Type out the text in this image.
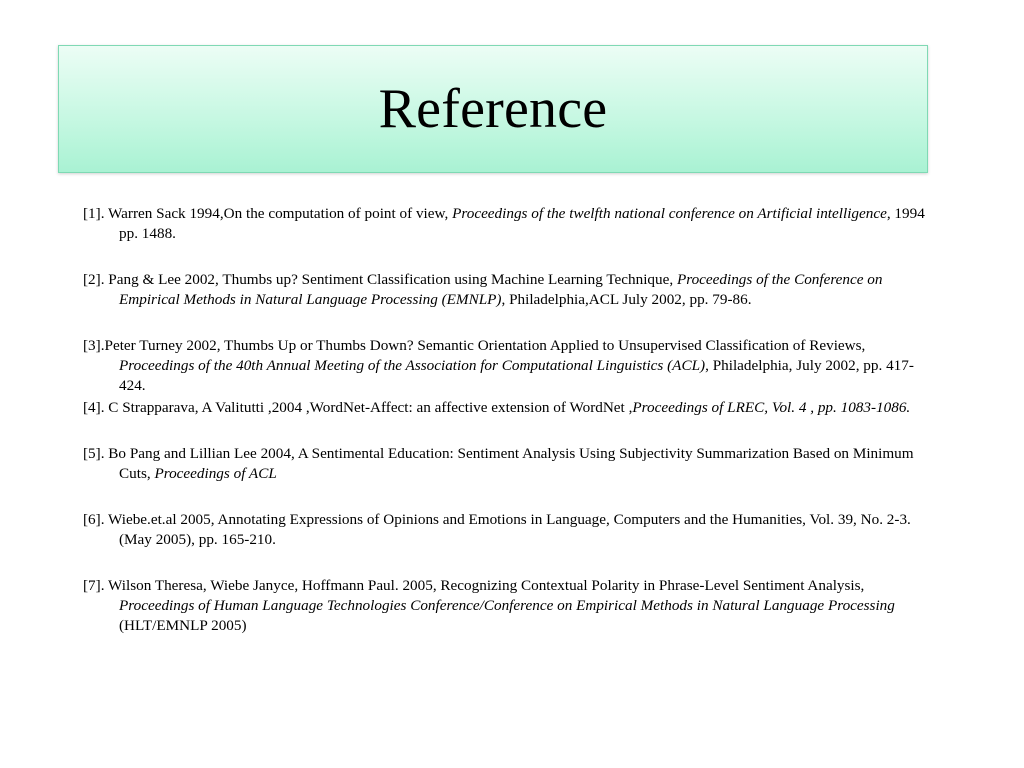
Reference

[1]. Warren Sack 1994,On the computation of point of view, Proceedings of the twelfth national conference on Artificial intelligence, 1994 pp. 1488.

[2]. Pang & Lee 2002, Thumbs up? Sentiment Classification using Machine Learning Technique, Proceedings of the Conference on Empirical Methods in Natural Language Processing (EMNLP), Philadelphia,ACL July 2002, pp. 79-86.

[3].Peter Turney 2002, Thumbs Up or Thumbs Down? Semantic Orientation Applied to Unsupervised Classification of Reviews, Proceedings of the 40th Annual Meeting of the Association for Computational Linguistics (ACL), Philadelphia, July 2002, pp. 417-424.

[4]. C Strapparava, A Valitutti ,2004 ,WordNet-Affect: an affective extension of WordNet ,Proceedings of LREC, Vol. 4 , pp. 1083-1086.

[5]. Bo Pang and Lillian Lee 2004, A Sentimental Education: Sentiment Analysis Using Subjectivity Summarization Based on Minimum Cuts, Proceedings of ACL

[6]. Wiebe.et.al 2005, Annotating Expressions of Opinions and Emotions in Language, Computers and the Humanities, Vol. 39, No. 2-3. (May 2005), pp. 165-210.

[7]. Wilson Theresa, Wiebe Janyce, Hoffmann Paul. 2005, Recognizing Contextual Polarity in Phrase-Level Sentiment Analysis, Proceedings of Human Language Technologies Conference/Conference on Empirical Methods in Natural Language Processing (HLT/EMNLP 2005)
